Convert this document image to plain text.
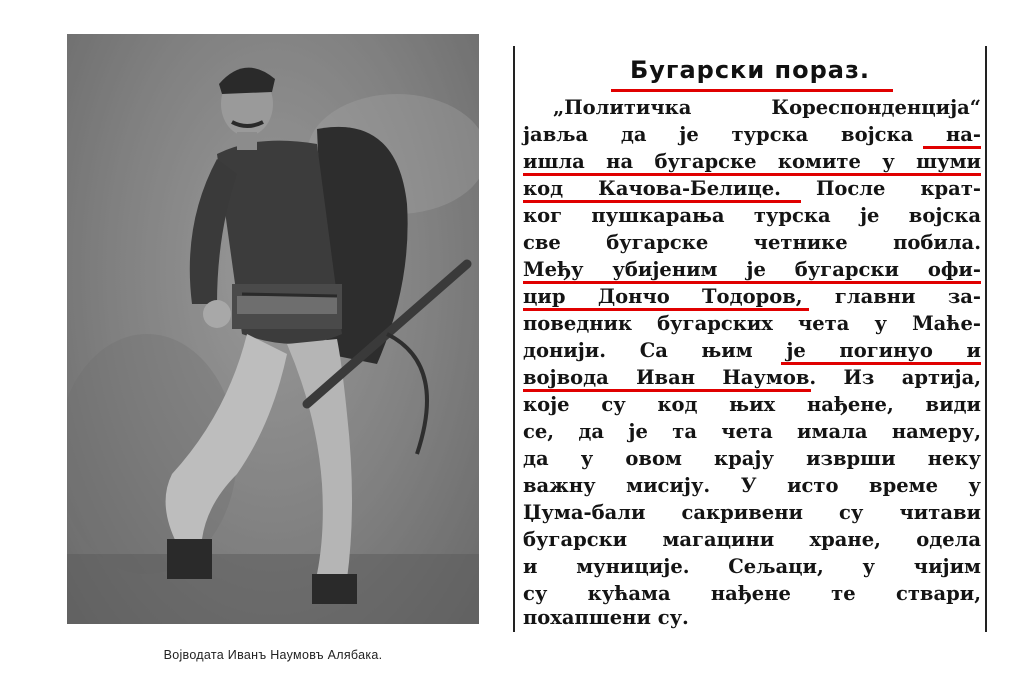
Војводата Иванъ Наумовъ Алябака.
Бугарски пораз.
„Политичка Кореспонденција“
јавља да је турска војска на-
ишла на бугарске комите у шуми
код Качова-Белице. После крат-
ког пушкарања турска је војска
све бугарске четнике побила.
Међу убијеним је бугарски офи-
цир Дончо Тодоров, главни за-
поведник бугарских чета у Маће-
донији. Са њим је погинуо и
војвода Иван Наумов. Из артија,
које су код њих нађене, види
се, да је та чета имала намеру,
да у овом крају изврши неку
важну мисију. У исто време у
Џума-бали сакривени су читави
бугарски магацини хране, одела
и муниције. Сељаци, у чијим
су кућама нађене те ствари,
похапшени су.
